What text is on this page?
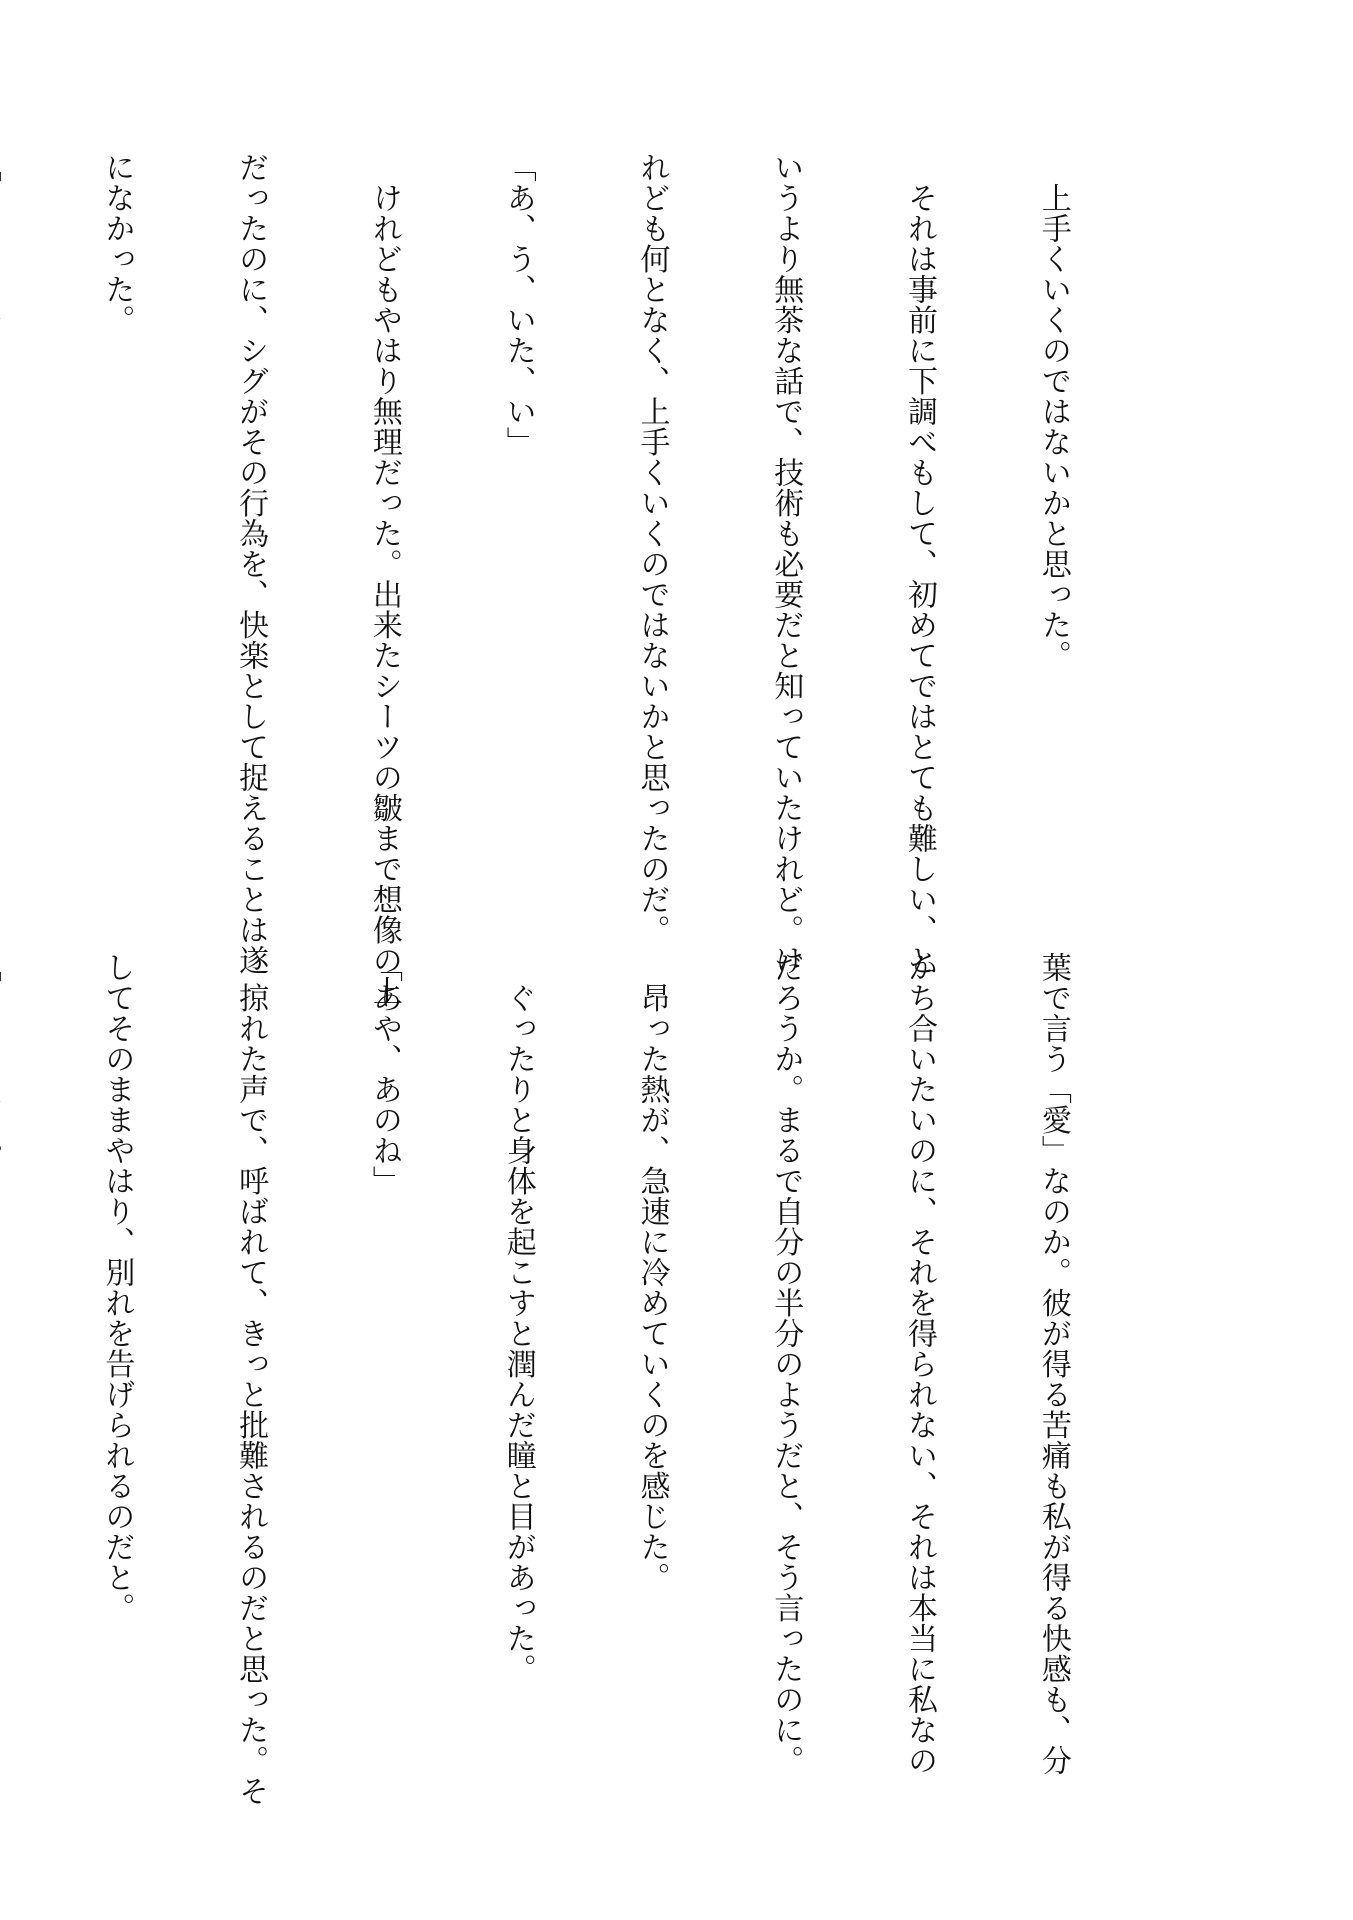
　上手くいくのではないかと思った。

　それは事前に下調べもして、初めてではとても難しい、と

いうより無茶な話で、技術も必要だと知っていたけれど。け

れども何となく、上手くいくのではないかと思ったのだ。

「あ、う、いた、い」

　けれどもやはり無理だった。出来たシーツの皺まで想像の上

だったのに、シグがその行為を、快楽として捉えることは遂

になかった。

葉で言う「愛」なのか。彼が得る苦痛も私が得る快感も、分

かち合いたいのに、それを得られない、それは本当に私なの

だろうか。まるで自分の半分のようだと、そう言ったのに。

　昂った熱が、急速に冷めていくのを感じた。

　ぐったりと身体を起こすと潤んだ瞳と目があった。

「あや、あのね」

　掠れた声で、呼ばれて、きっと批難されるのだと思った。そ

してそのままやはり、別れを告げられるのだと。
